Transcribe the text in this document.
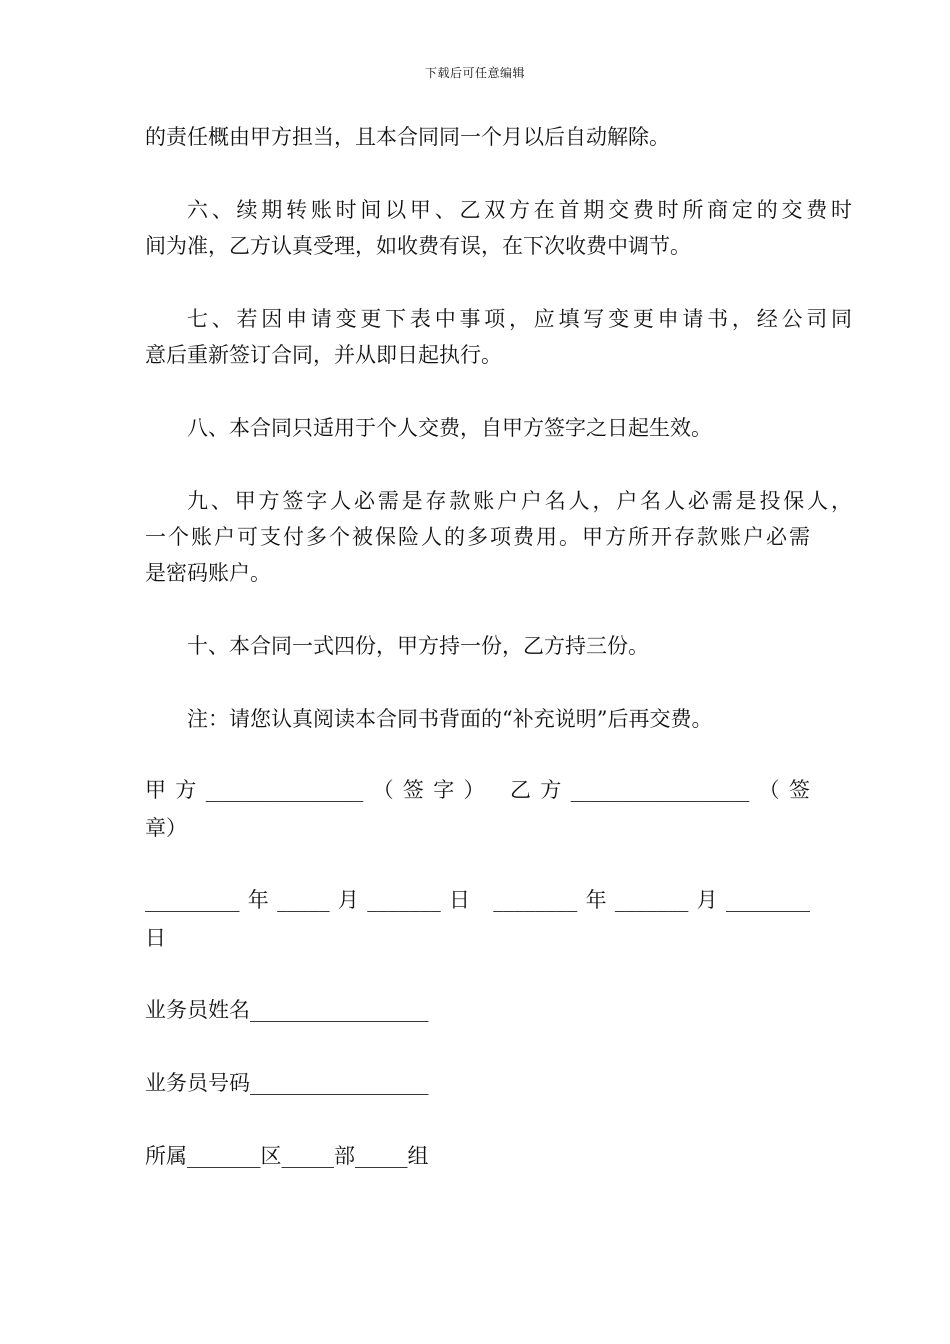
下载后可任意编辑
的责任概由甲方担当，且本合同同一个月以后自动解除。
六、续期转账时间以甲、乙双方在首期交费时所商定的交费时
间为准，乙方认真受理，如收费有误，在下次收费中调节。
七、若因申请变更下表中事项，应填写变更申请书，经公司同
意后重新签订合同，并从即日起执行。
八、本合同只适用于个人交费，自甲方签字之日起生效。
九、甲方签字人必需是存款账户户名人，户名人必需是投保人，
一个账户可支付多个被保险人的多项费用。甲方所开存款账户必需
是密码账户。
十、本合同一式四份，甲方持一份，乙方持三份。
注：请您认真阅读本合同书背面的“补充说明”后再交费。
甲方_______________（签字） 乙方_________________（签
章）
_________年_____月_______日 ________年_______月________
日
业务员姓名_________________
业务员号码_________________
所属_______区_____部_____组
